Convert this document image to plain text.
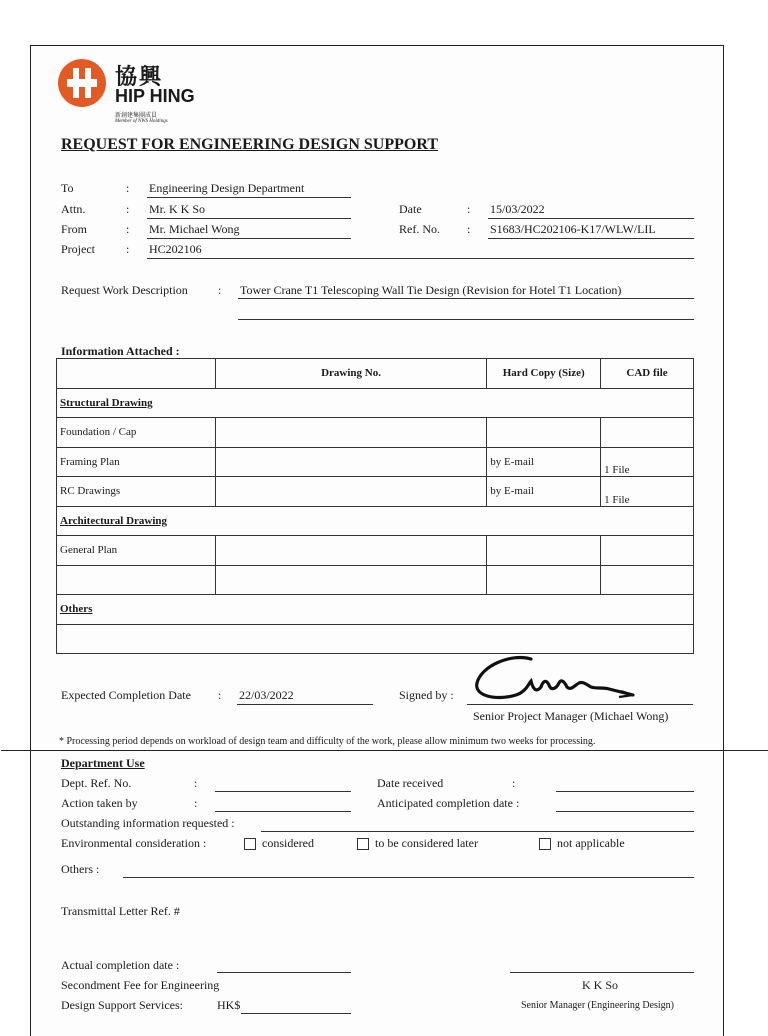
協興
HIP HING
新創建集團成員
Member of NWS Holdings
REQUEST FOR ENGINEERING DESIGN SUPPORT
To	: Engineering Design Department
Attn.	: Mr. K K So
From	: Mr. Michael Wong
Project	: HC202106
Date	: 15/03/2022
Ref. No. : S1683/HC202106-K17/WLW/LIL
Request Work Description	: Tower Crane T1 Telescoping Wall Tie Design (Revision for Hotel T1 Location)
Information Attached :
	Drawing No.	Hard Copy (Size)	CAD file
Structural Drawing			
Foundation / Cap			
Framing Plan		by E-mail	1 File
RC Drawings		by E-mail	1 File
Architectural Drawing			
General Plan			

Others			

Expected Completion Date : 22/03/2022	Signed by :
Senior Project Manager (Michael Wong)
* Processing period depends on workload of design team and difficulty of the work, please allow minimum two weeks for processing.
Department Use
Dept. Ref. No.	:
Action taken by	:
Date received	:
Anticipated completion date :
Outstanding information requested :
Environmental consideration :	considered	to be considered later	not applicable
Others :
Transmittal Letter Ref. #
Actual completion date :
Secondment Fee for Engineering	K K So
Design Support Services:	HK$	Senior Manager (Engineering Design)
